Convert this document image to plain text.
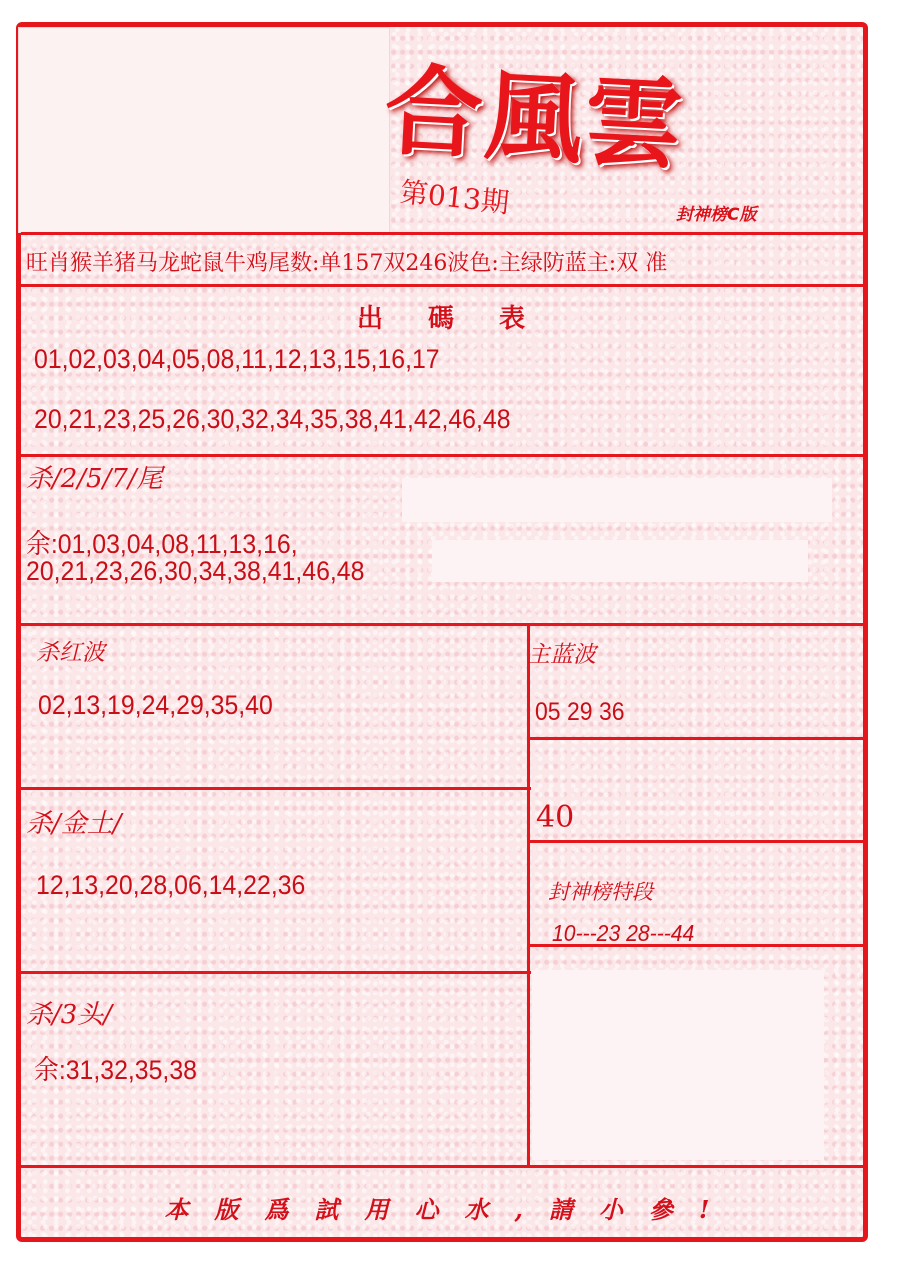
合風雲
第013期	封神榜C版
旺肖猴羊猪马龙蛇鼠牛鸡尾数:单157双246波色:主绿防蓝主:双 准
出 碼 表
01,02,03,04,05,08,11,12,13,15,16,17
20,21,23,25,26,30,32,34,35,38,41,42,46,48
杀/2/5/7/尾
余:01,03,04,08,11,13,16,
20,21,23,26,30,34,38,41,46,48
杀红波
02,13,19,24,29,35,40
主蓝波
05 29 36
40
杀/金土/
12,13,20,28,06,14,22,36	封神榜特段
10---23 28---44
杀/3头/
余:31,32,35,38
本版爲試用心水,請小參!
